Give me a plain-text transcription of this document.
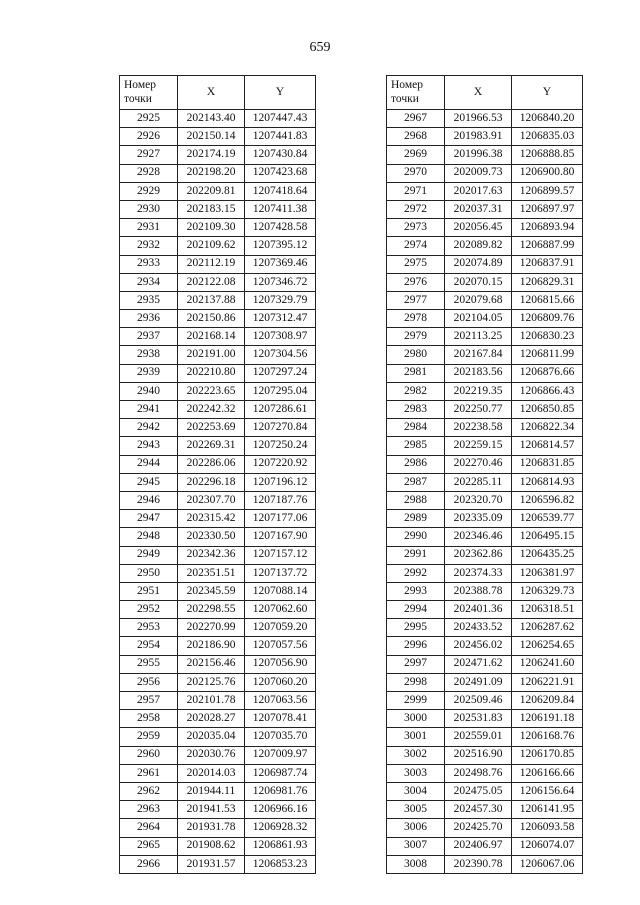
659
Номер
точки	X	Y
2925	202143.40	1207447.43
2926	202150.14	1207441.83
2927	202174.19	1207430.84
2928	202198.20	1207423.68
2929	202209.81	1207418.64
2930	202183.15	1207411.38
2931	202109.30	1207428.58
2932	202109.62	1207395.12
2933	202112.19	1207369.46
2934	202122.08	1207346.72
2935	202137.88	1207329.79
2936	202150.86	1207312.47
2937	202168.14	1207308.97
2938	202191.00	1207304.56
2939	202210.80	1207297.24
2940	202223.65	1207295.04
2941	202242.32	1207286.61
2942	202253.69	1207270.84
2943	202269.31	1207250.24
2944	202286.06	1207220.92
2945	202296.18	1207196.12
2946	202307.70	1207187.76
2947	202315.42	1207177.06
2948	202330.50	1207167.90
2949	202342.36	1207157.12
2950	202351.51	1207137.72
2951	202345.59	1207088.14
2952	202298.55	1207062.60
2953	202270.99	1207059.20
2954	202186.90	1207057.56
2955	202156.46	1207056.90
2956	202125.76	1207060.20
2957	202101.78	1207063.56
2958	202028.27	1207078.41
2959	202035.04	1207035.70
2960	202030.76	1207009.97
2961	202014.03	1206987.74
2962	201944.11	1206981.76
2963	201941.53	1206966.16
2964	201931.78	1206928.32
2965	201908.62	1206861.93
2966	201931.57	1206853.23
Номер
точки	X	Y
2967	201966.53	1206840.20
2968	201983.91	1206835.03
2969	201996.38	1206888.85
2970	202009.73	1206900.80
2971	202017.63	1206899.57
2972	202037.31	1206897.97
2973	202056.45	1206893.94
2974	202089.82	1206887.99
2975	202074.89	1206837.91
2976	202070.15	1206829.31
2977	202079.68	1206815.66
2978	202104.05	1206809.76
2979	202113.25	1206830.23
2980	202167.84	1206811.99
2981	202183.56	1206876.66
2982	202219.35	1206866.43
2983	202250.77	1206850.85
2984	202238.58	1206822.34
2985	202259.15	1206814.57
2986	202270.46	1206831.85
2987	202285.11	1206814.93
2988	202320.70	1206596.82
2989	202335.09	1206539.77
2990	202346.46	1206495.15
2991	202362.86	1206435.25
2992	202374.33	1206381.97
2993	202388.78	1206329.73
2994	202401.36	1206318.51
2995	202433.52	1206287.62
2996	202456.02	1206254.65
2997	202471.62	1206241.60
2998	202491.09	1206221.91
2999	202509.46	1206209.84
3000	202531.83	1206191.18
3001	202559.01	1206168.76
3002	202516.90	1206170.85
3003	202498.76	1206166.66
3004	202475.05	1206156.64
3005	202457.30	1206141.95
3006	202425.70	1206093.58
3007	202406.97	1206074.07
3008	202390.78	1206067.06
